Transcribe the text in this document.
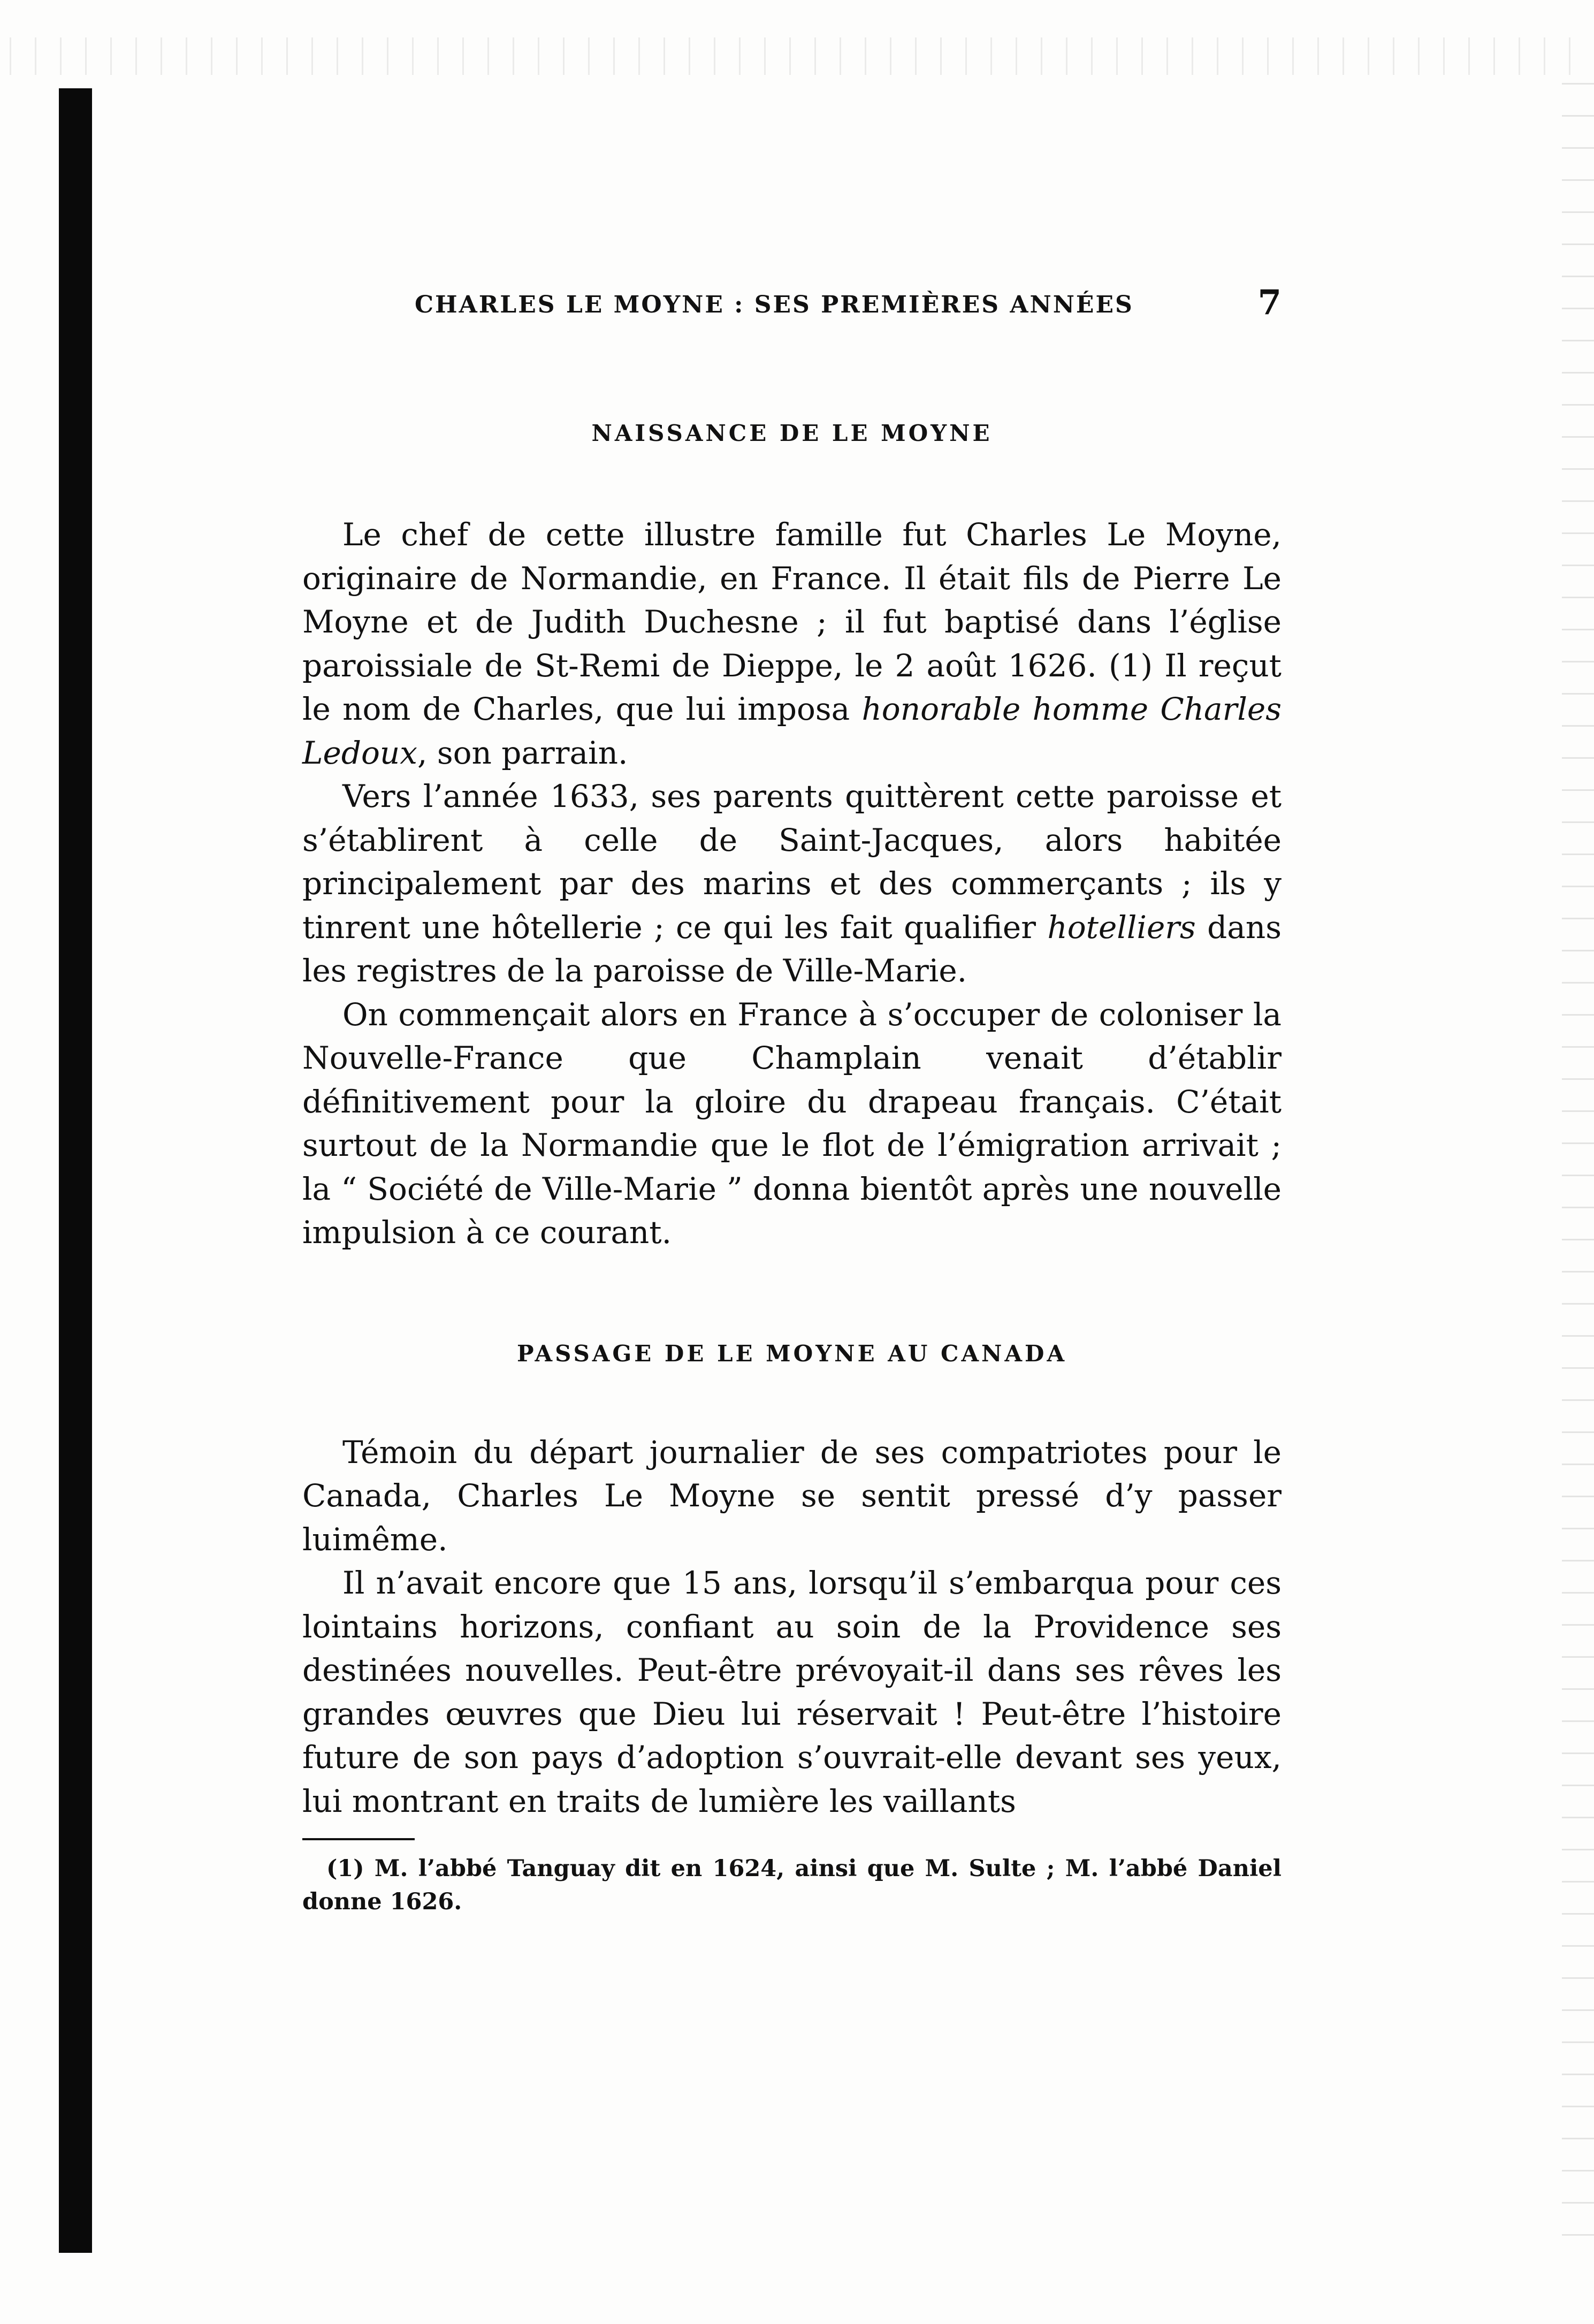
CHARLES LE MOYNE : SES PREMIÈRES ANNÉES	7
NAISSANCE DE LE MOYNE

Le chef de cette illustre famille fut Charles Le Moyne, originaire de Normandie, en France. Il était fils de Pierre Le Moyne et de Judith Duchesne ; il fut baptisé dans l’église paroissiale de St-Remi de Dieppe, le 2 août 1626. (1) Il reçut le nom de Charles, que lui imposa honorable homme Charles Ledoux, son parrain.

Vers l’année 1633, ses parents quittèrent cette paroisse et s’établirent à celle de Saint-Jacques, alors habitée principalement par des marins et des commerçants ; ils y tinrent une hôtellerie ; ce qui les fait qualifier hotelliers dans les registres de la paroisse de Ville-Marie.

On commençait alors en France à s’occuper de coloniser la Nouvelle-France que Champlain venait d’établir définitivement pour la gloire du drapeau français. C’était surtout de la Normandie que le flot de l’émigration arrivait ; la “ Société de Ville-Marie ” donna bientôt après une nouvelle impulsion à ce courant.

PASSAGE DE LE MOYNE AU CANADA

Témoin du départ journalier de ses compatriotes pour le Canada, Charles Le Moyne se sentit pressé d’y passer luimême.

Il n’avait encore que 15 ans, lorsqu’il s’embarqua pour ces lointains horizons, confiant au soin de la Providence ses destinées nouvelles. Peut-être prévoyait-il dans ses rêves les grandes œuvres que Dieu lui réservait ! Peut-être l’histoire future de son pays d’adoption s’ouvrait-elle devant ses yeux, lui montrant en traits de lumière les vaillants

(1) M. l’abbé Tanguay dit en 1624, ainsi que M. Sulte ; M. l’abbé Daniel donne 1626.
